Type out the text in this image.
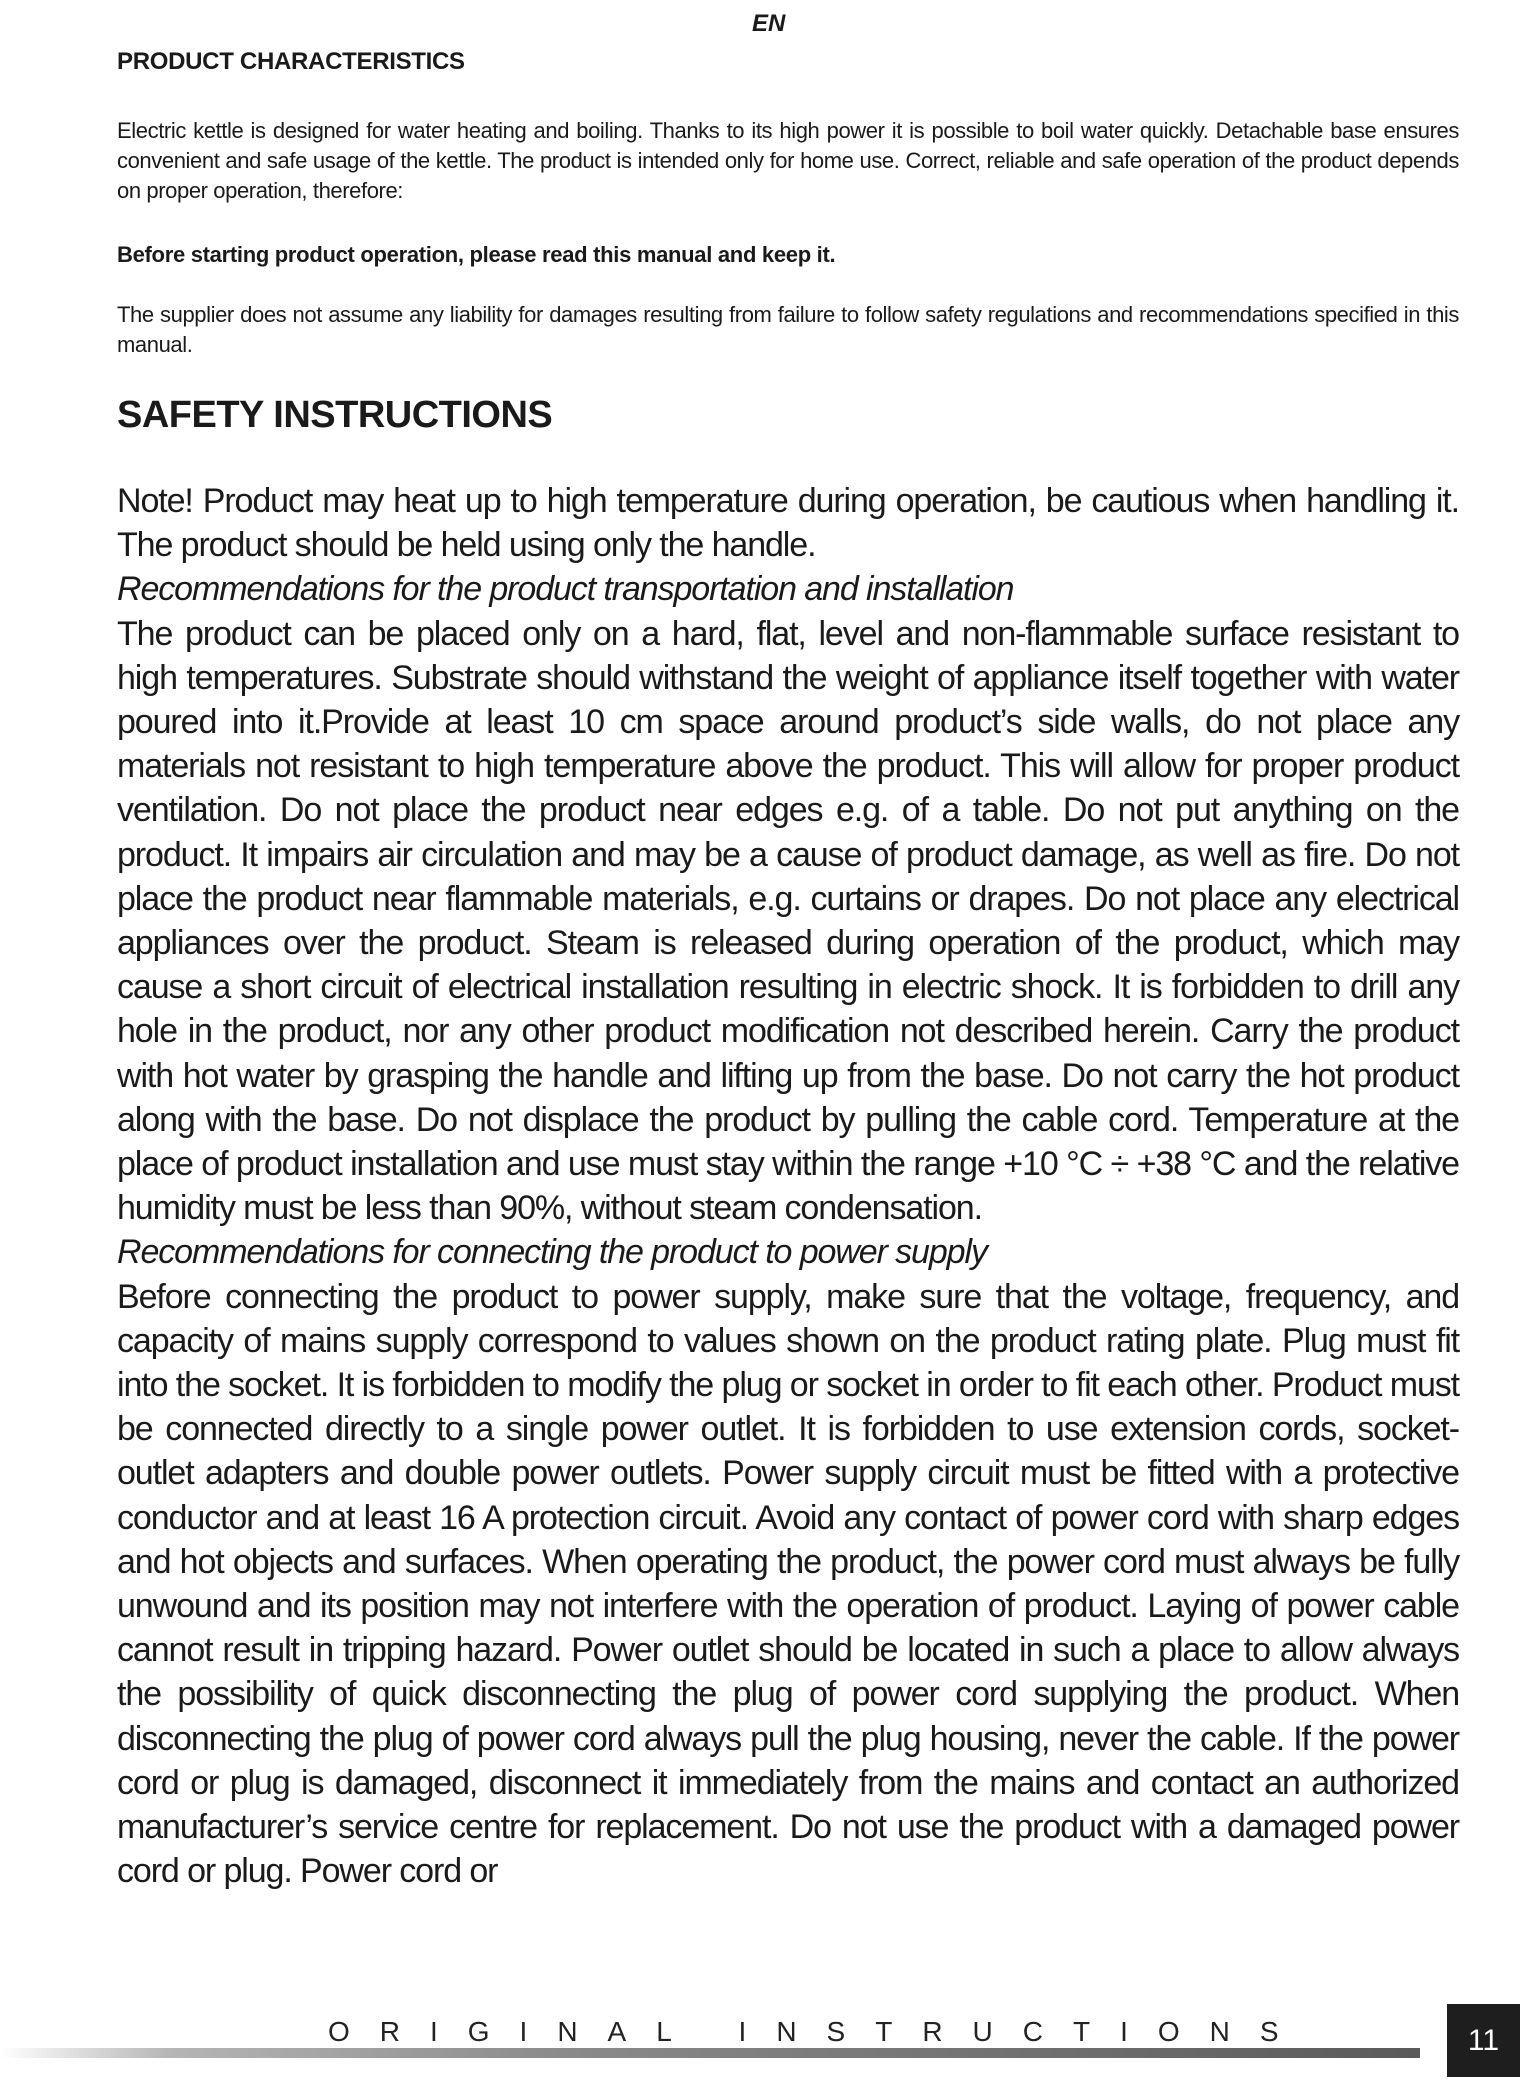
EN
PRODUCT CHARACTERISTICS

Electric kettle is designed for water heating and boiling. Thanks to its high power it is possible to boil water quickly. Detachable base ensures convenient and safe usage of the kettle. The product is intended only for home use. Correct, reliable and safe operation of the product depends on proper operation, therefore:

Before starting product operation, please read this manual and keep it.

The supplier does not assume any liability for damages resulting from failure to follow safety regulations and recommendations specified in this manual.

SAFETY INSTRUCTIONS

Note! Product may heat up to high temperature during operation, be cautious when handling it. The product should be held using only the handle.

Recommendations for the product transportation and installation

The product can be placed only on a hard, flat, level and non-flammable surface resistant to high temperatures. Substrate should withstand the weight of appliance itself together with water poured into it.Provide at least 10 cm space around product’s side walls, do not place any materials not resistant to high temperature above the product. This will allow for proper product ventilation. Do not place the product near edges e.g. of a table. Do not put anything on the product. It impairs air circulation and may be a cause of product damage, as well as fire. Do not place the product near flammable materials, e.g. curtains or drapes. Do not place any electrical appliances over the product. Steam is released during operation of the product, which may cause a short circuit of electrical installation resulting in electric shock. It is forbidden to drill any hole in the product, nor any other product modification not described herein. Carry the product with hot water by grasping the handle and lifting up from the base. Do not carry the hot product along with the base. Do not displace the product by pulling the cable cord. Temperature at the place of product installation and use must stay within the range +10 °C ÷ +38 °C and the relative humidity must be less than 90%, without steam condensation.

Recommendations for connecting the product to power supply

Before connecting the product to power supply, make sure that the voltage, frequency, and capacity of mains supply correspond to values shown on the product rating plate. Plug must fit into the socket. It is forbidden to modify the plug or socket in order to fit each other. Product must be connected directly to a single power outlet. It is forbidden to use extension cords, socket-outlet adapters and double power outlets. Power supply circuit must be fitted with a protective conductor and at least 16 A protection circuit. Avoid any contact of power cord with sharp edges and hot objects and surfaces. When operating the product, the power cord must always be fully unwound and its position may not interfere with the operation of product. Laying of power cable cannot result in tripping hazard. Power outlet should be located in such a place to allow always the possibility of quick disconnecting the plug of power cord supplying the product. When disconnecting the plug of power cord always pull the plug housing, never the cable. If the power cord or plug is damaged, disconnect it immediately from the mains and contact an authorized manufacturer’s service centre for replacement. Do not use the product with a damaged power cord or plug. Power cord or

ORIGINAL INSTRUCTIONS	11
